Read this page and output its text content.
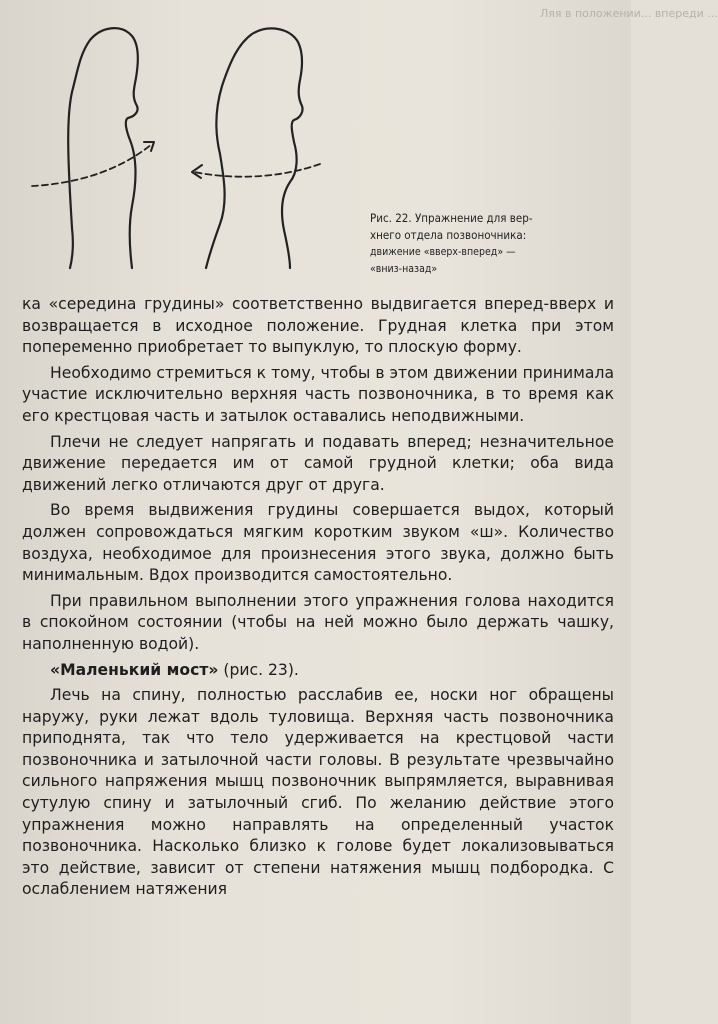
Ляя в положении... впереди ...
Рис. 22. Упражнение для вер-
хнего отдела позвоночника:
движение «вверх-вперед» —
«вниз-назад»

ка «середина грудины» соответственно выдвигается вперед-вверх и возвращается в исходное положение. Грудная клетка при этом попеременно приобретает то выпуклую, то плоскую форму.

Необходимо стремиться к тому, чтобы в этом движении принимала участие исключительно верхняя часть позвоночника, в то время как его крестцовая часть и затылок оставались неподвижными.

Плечи не следует напрягать и подавать вперед; незначительное движение передается им от самой грудной клетки; оба вида движений легко отличаются друг от друга.

Во время выдвижения грудины совершается выдох, который должен сопровождаться мягким коротким звуком «ш». Количество воздуха, необходимое для произнесения этого звука, должно быть минимальным. Вдох производится самостоятельно.

При правильном выполнении этого упражнения голова находится в спокойном состоянии (чтобы на ней можно было держать чашку, наполненную водой).

«Маленький мост» (рис. 23).

Лечь на спину, полностью расслабив ее, носки ног обращены наружу, руки лежат вдоль туловища. Верхняя часть позвоночника приподнята, так что тело удерживается на крестцовой части позвоночника и затылочной части головы. В результате чрезвычайно сильного напряжения мышц позвоночник выпрямляется, выравнивая сутулую спину и затылочный сгиб. По желанию действие этого упражнения можно направлять на определенный участок позвоночника. Насколько близко к голове будет локализовываться это действие, зависит от степени натяжения мышц подбородка. С ослаблением натяжения
